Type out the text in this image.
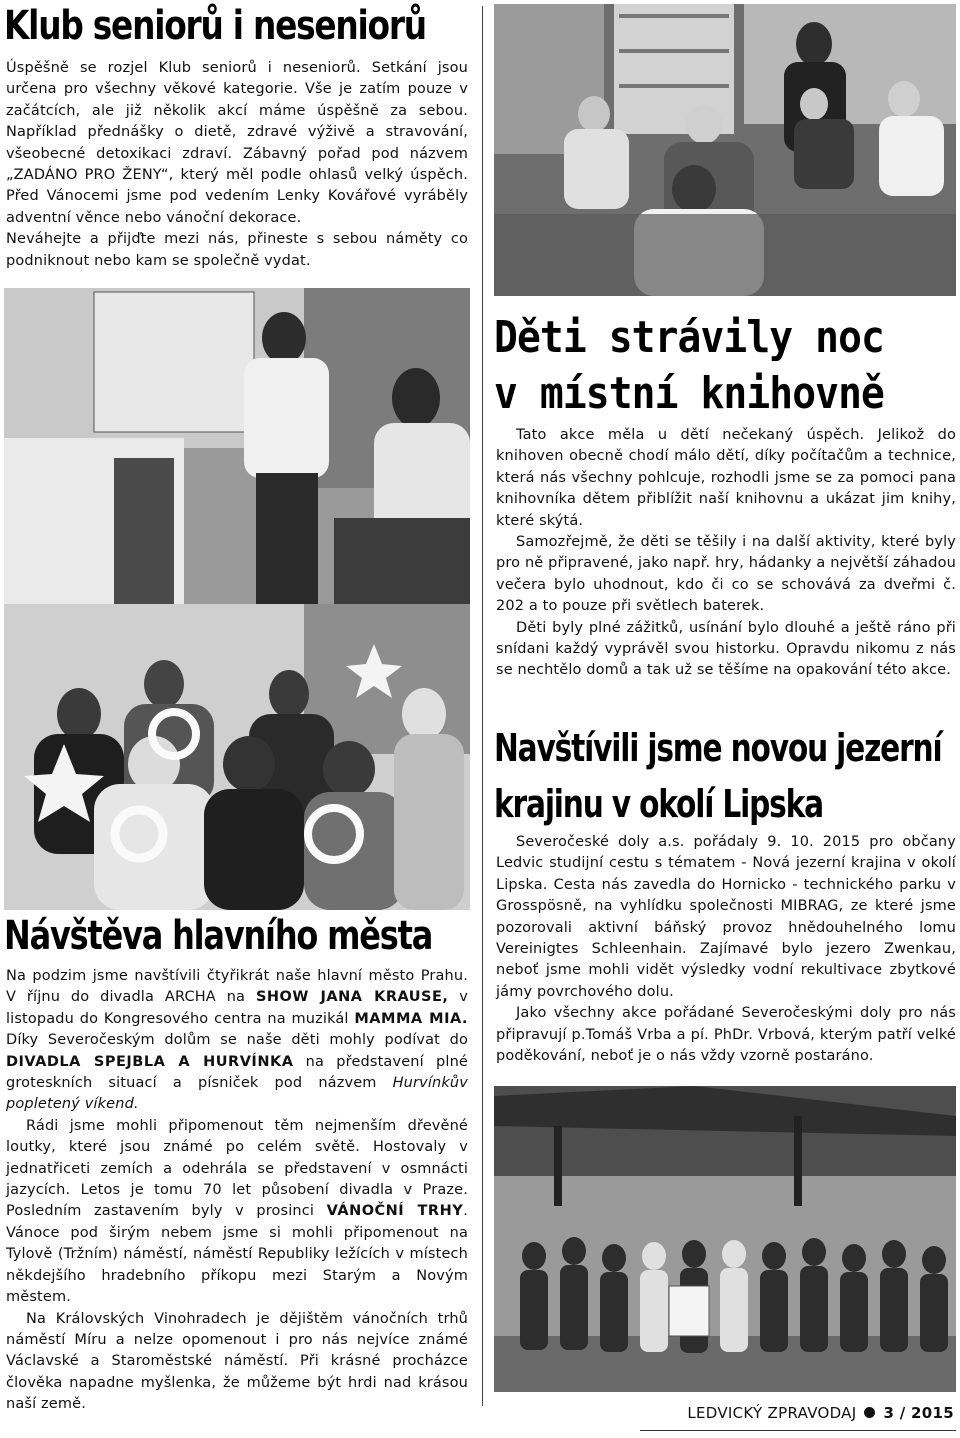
Klub seniorů i neseniorů

Úspěšně se rozjel Klub seniorů i neseniorů. Setkání jsou určena pro všechny věkové kategorie. Vše je zatím pouze v začátcích, ale již několik akcí máme úspěšně za sebou. Například přednášky o dietě, zdravé výživě a stravování, všeobecné detoxikaci zdraví. Zábavný pořad pod názvem „ZADÁNO PRO ŽENY“, který měl podle ohlasů velký úspěch. Před Vánocemi jsme pod vedením Lenky Kovářové vyráběly adventní věnce nebo vánoční dekorace.

Neváhejte a přijďte mezi nás, přineste s sebou náměty co podniknout nebo kam se společně vydat.

Návštěva hlavního města

Na podzim jsme navštívili čtyřikrát naše hlavní město Prahu. V říjnu do divadla ARCHA na SHOW JANA KRAUSE, v listopadu do Kongresového centra na muzikál MAMMA MIA. Díky Severočeským dolům se naše děti mohly podívat do DIVADLA SPEJBLA A HURVÍNKA na představení plné groteskních situací a písniček pod názvem Hurvínkův popletený víkend.

Rádi jsme mohli připomenout těm nejmenším dřevěné loutky, které jsou známé po celém světě. Hostovaly v jednatřiceti zemích a odehrála se představení v osmnácti jazycích. Letos je tomu 70 let působení divadla v Praze. Posledním zastavením byly v prosinci VÁNOČNÍ TRHY. Vánoce pod širým nebem jsme si mohli připomenout na Tylově (Tržním) náměstí, náměstí Republiky ležících v místech někdejšího hradebního příkopu mezi Starým a Novým městem.

Na Královských Vinohradech je dějištěm vánočních trhů náměstí Míru a nelze opomenout i pro nás nejvíce známé Václavské a Staroměstské náměstí. Při krásné procházce člověka napadne myšlenka, že můžeme být hrdi nad krásou naší země.

Děti strávily noc
v místní knihovně

Tato akce měla u dětí nečekaný úspěch. Jelikož do knihoven obecně chodí málo dětí, díky počítačům a technice, která nás všechny pohlcuje, rozhodli jsme se za pomoci pana knihovníka dětem přiblížit naší knihovnu a ukázat jim knihy, které skýtá.

Samozřejmě, že děti se těšily i na další aktivity, které byly pro ně připravené, jako např. hry, hádanky a největší záhadou večera bylo uhodnout, kdo či co se schovává za dveřmi č. 202 a to pouze při světlech baterek.

Děti byly plné zážitků, usínání bylo dlouhé a ještě ráno při snídani každý vyprávěl svou historku. Opravdu nikomu z nás se nechtělo domů a tak už se těšíme na opakování této akce.

Navštívili jsme novou jezerní
krajinu v okolí Lipska

Severočeské doly a.s. pořádaly 9. 10. 2015 pro občany Ledvic studijní cestu s tématem - Nová jezerní krajina v okolí Lipska. Cesta nás zavedla do Hornicko - technického parku v Grosspösně, na vyhlídku společnosti MIBRAG, ze které jsme pozorovali aktivní báňský provoz hnědouhelného lomu Vereinigtes Schleenhain. Zajímavé bylo jezero Zwenkau, neboť jsme mohli vidět výsledky vodní rekultivace zbytkové jámy povrchového dolu.

Jako všechny akce pořádané Severočeskými doly pro nás připravují p.Tomáš Vrba a pí. PhDr. Vrbová, kterým patří velké poděkování, neboť je o nás vždy vzorně postaráno.

LEDVICKÝ ZPRAVODAJ 3 / 2015
